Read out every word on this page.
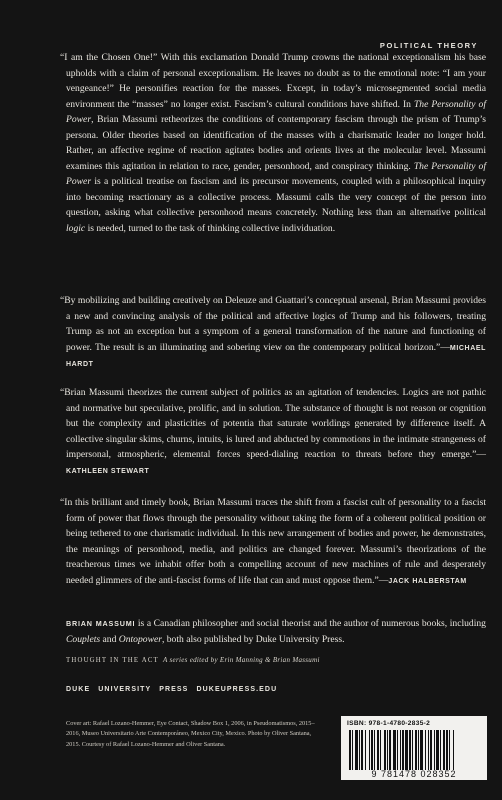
POLITICAL THEORY
“I am the Chosen One!” With this exclamation Donald Trump crowns the national exceptionalism his base upholds with a claim of personal exceptionalism. He leaves no doubt as to the emotional note: “I am your vengeance!” He personifies reaction for the masses. Except, in today’s microsegmented social media environment the “masses” no longer exist. Fascism’s cultural conditions have shifted. In The Personality of Power, Brian Massumi retheorizes the conditions of contemporary fascism through the prism of Trump’s persona. Older theories based on identification of the masses with a charismatic leader no longer hold. Rather, an affective regime of reaction agitates bodies and orients lives at the molecular level. Massumi examines this agitation in relation to race, gender, personhood, and conspiracy thinking. The Personality of Power is a political treatise on fascism and its precursor movements, coupled with a philosophical inquiry into becoming reactionary as a collective process. Massumi calls the very concept of the person into question, asking what collective personhood means concretely. Nothing less than an alternative political logic is needed, turned to the task of thinking collective individuation.
“By mobilizing and building creatively on Deleuze and Guattari’s conceptual arsenal, Brian Massumi provides a new and convincing analysis of the political and affective logics of Trump and his followers, treating Trump as not an exception but a symptom of a general transformation of the nature and functioning of power. The result is an illuminating and sobering view on the contemporary political horizon.”—MICHAEL HARDT
“Brian Massumi theorizes the current subject of politics as an agitation of tendencies. Logics are not pathic and normative but speculative, prolific, and in solution. The substance of thought is not reason or cognition but the complexity and plasticities of potentia that saturate worldings generated by difference itself. A collective singular skims, churns, intuits, is lured and abducted by commotions in the intimate strangeness of impersonal, atmospheric, elemental forces speed-dialing reaction to threats before they emerge.”—KATHLEEN STEWART
“In this brilliant and timely book, Brian Massumi traces the shift from a fascist cult of personality to a fascist form of power that flows through the personality without taking the form of a coherent political position or being tethered to one charismatic individual. In this new arrangement of bodies and power, he demonstrates, the meanings of personhood, media, and politics are changed forever. Massumi’s theorizations of the treacherous times we inhabit offer both a compelling account of new machines of rule and desperately needed glimmers of the anti-fascist forms of life that can and must oppose them.”—JACK HALBERSTAM
BRIAN MASSUMI is a Canadian philosopher and social theorist and the author of numerous books, including Couplets and Ontopower, both also published by Duke University Press.
THOUGHT IN THE ACT A series edited by Erin Manning & Brian Massumi
DUKE UNIVERSITY PRESS DUKEUPRESS.EDU
Cover art: Rafael Lozano-Hemmer, Eye Contact, Shadow Box 1, 2006, in Pseudomatismos, 2015–2016, Museo Universitario Arte Contemporáneo, Mexico City, Mexico. Photo by Oliver Santana, 2015. Courtesy of Rafael Lozano-Hemmer and Oliver Santana.
ISBN: 978-1-4780-2835-2
9 781478 028352
